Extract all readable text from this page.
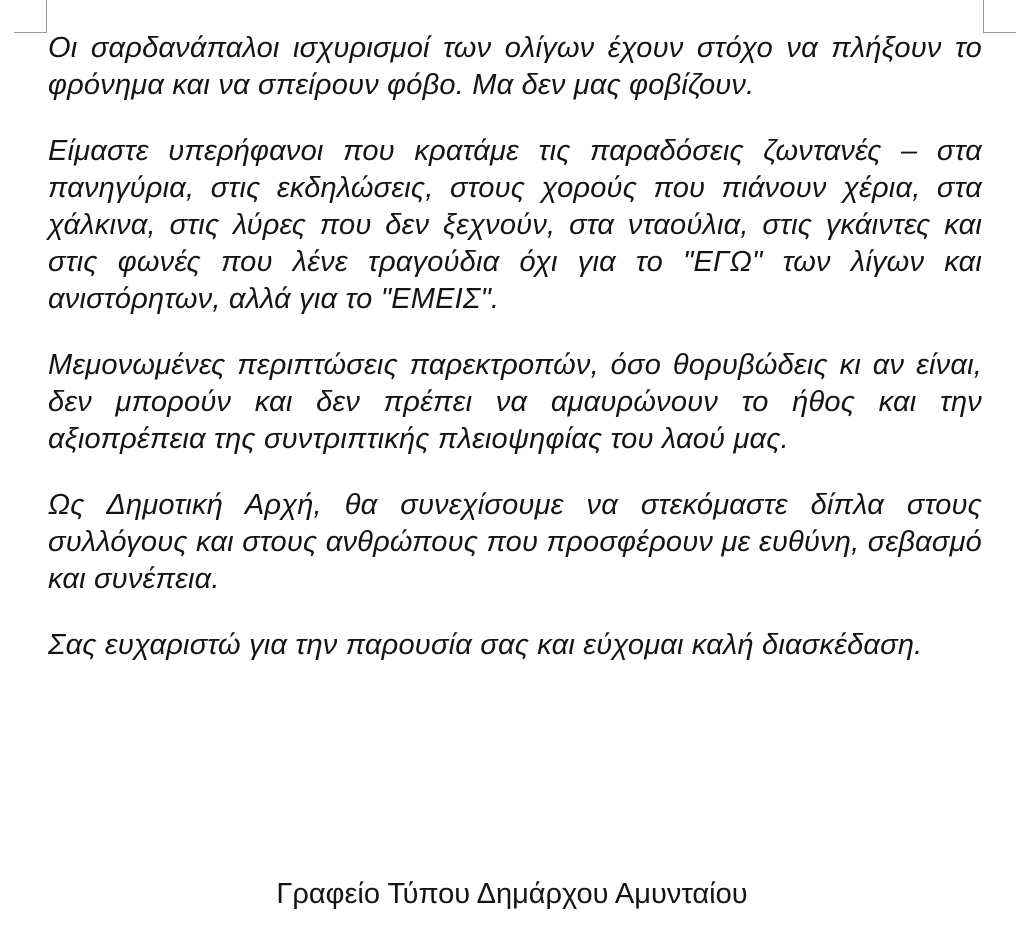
Οι σαρδανάπαλοι ισχυρισμοί των ολίγων έχουν στόχο να πλήξουν το φρόνημα και να σπείρουν φόβο. Μα δεν μας φοβίζουν.

Είμαστε υπερήφανοι που κρατάμε τις παραδόσεις ζωντανές – στα πανηγύρια, στις εκδηλώσεις, στους χορούς που πιάνουν χέρια, στα χάλκινα, στις λύρες που δεν ξεχνούν, στα νταούλια, στις γκάιντες και στις φωνές που λένε τραγούδια όχι για το "ΕΓΩ" των λίγων και ανιστόρητων, αλλά για το "ΕΜΕΙΣ".

Μεμονωμένες περιπτώσεις παρεκτροπών, όσο θορυβώδεις κι αν είναι, δεν μπορούν και δεν πρέπει να αμαυρώνουν το ήθος και την αξιοπρέπεια της συντριπτικής πλειοψηφίας του λαού μας.

Ως Δημοτική Αρχή, θα συνεχίσουμε να στεκόμαστε δίπλα στους συλλόγους και στους ανθρώπους που προσφέρουν με ευθύνη, σεβασμό και συνέπεια.

Σας ευχαριστώ για την παρουσία σας και εύχομαι καλή διασκέδαση.

Γραφείο Τύπου Δημάρχου Αμυνταίου
